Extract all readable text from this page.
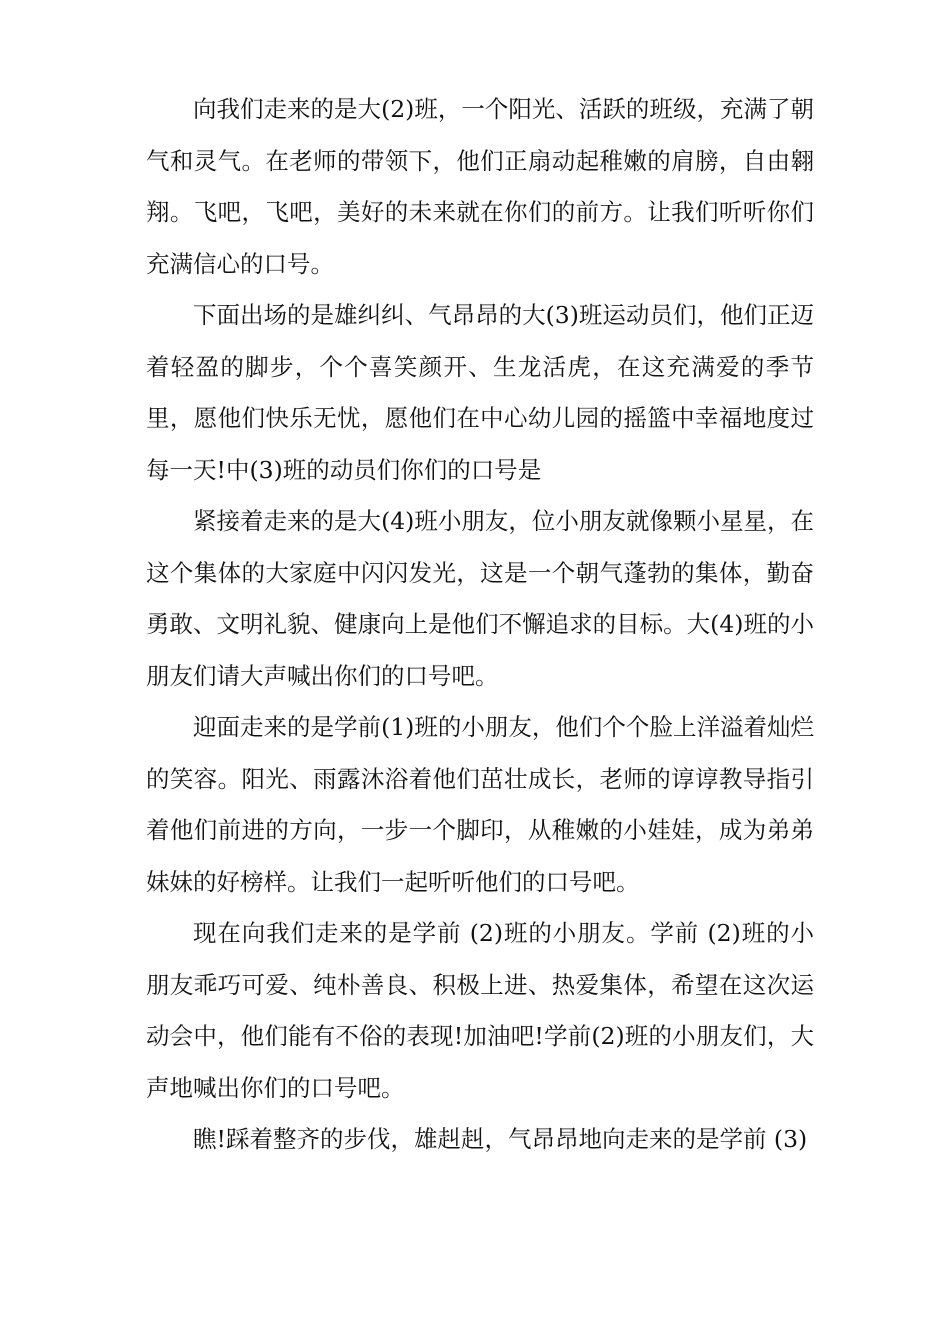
向我们走来的是大(2)班，一个阳光、活跃的班级，充满了朝气和灵气。在老师的带领下，他们正扇动起稚嫩的肩膀，自由翱翔。飞吧，飞吧，美好的未来就在你们的前方。让我们听听你们充满信心的口号。

下面出场的是雄纠纠、气昂昂的大(3)班运动员们，他们正迈着轻盈的脚步，个个喜笑颜开、生龙活虎，在这充满爱的季节里，愿他们快乐无忧，愿他们在中心幼儿园的摇篮中幸福地度过每一天!中(3)班的动员们你们的口号是

紧接着走来的是大(4)班小朋友，位小朋友就像颗小星星，在这个集体的大家庭中闪闪发光，这是一个朝气蓬勃的集体，勤奋勇敢、文明礼貌、健康向上是他们不懈追求的目标。大(4)班的小朋友们请大声喊出你们的口号吧。

迎面走来的是学前(1)班的小朋友，他们个个脸上洋溢着灿烂的笑容。阳光、雨露沐浴着他们茁壮成长，老师的谆谆教导指引着他们前进的方向，一步一个脚印，从稚嫩的小娃娃，成为弟弟妹妹的好榜样。让我们一起听听他们的口号吧。

现在向我们走来的是学前 (2)班的小朋友。学前 (2)班的小朋友乖巧可爱、纯朴善良、积极上进、热爱集体，希望在这次运动会中，他们能有不俗的表现!加油吧!学前(2)班的小朋友们，大声地喊出你们的口号吧。

瞧!踩着整齐的步伐，雄赳赳，气昂昂地向走来的是学前 (3)
